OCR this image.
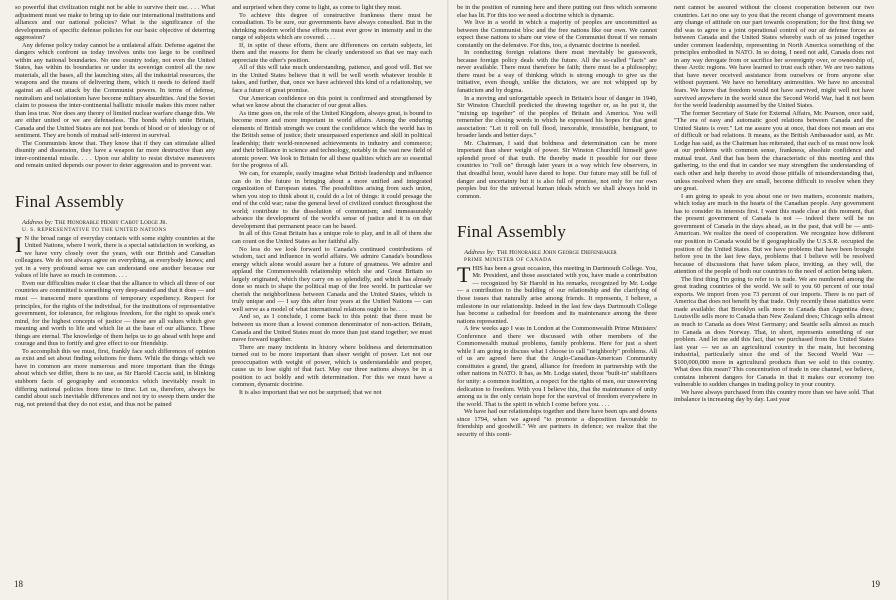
so powerful that civilization might not be able to survive their use. . . . What adjustment must we make to bring up to date our international institutions and alliances and our national policies? What is the significance of the developments of specific defense policies for our basic objective of deterring aggression?

Any defense policy today cannot be a unilateral affair. Defense against the dangers which confront us today involves units too large to be confined within any national boundaries. No one country today, not even the United States, has within its boundaries or under its sovereign control all the raw materials, all the bases, all the launching sites, all the industrial resources, the weapons and the means of delivering them, which it needs to defend itself against an all-out attack by the Communist powers. In terms of defense, neutralism and isolationism have become military absurdities. And the Soviet claim to possess the inter-continental ballistic missile makes this more rather than less true. Nor does any theory of limited nuclear warfare change this. We are either united or we are defenseless. The bonds which unite Britain, Canada and the United States are not just bonds of blood or of ideology or of sentiment. They are bonds of mutual self-interest in survival.

The Communists know that. They know that if they can stimulate allied disunity and dissension, they have a weapon far more destructive than any inter-continental missile. . . . Upon our ability to resist divisive maneuvers and remain united depends our power to deter aggression and to prevent war.

Final Assembly

Address by: The Honorable Henry Cabot Lodge Jr.

U. S. REPRESENTATIVE TO THE UNITED NATIONS

I N the broad range of everyday contacts with some eighty countries at the United Nations, where I work, there is a special satisfaction in working, as we have very closely over the years, with our British and Canadian colleagues. We do not always agree on everything, as everybody knows; and yet in a very profound sense we can understand one another because our values of life have so much in common. . . .

Even our difficulties make it clear that the alliance to which all three of our countries are committed is something very deep-seated and that it does — and must — transcend mere questions of temporary expediency. Respect for principles, for the rights of the individual, for the institutions of representative government, for tolerance, for religious freedom, for the right to speak one's mind, for the highest concepts of justice — these are all values which give meaning and worth to life and which lie at the base of our alliance. These things are eternal. The knowledge of them helps us to go ahead with hope and courage and thus to fortify and give effect to our friendship.

To accomplish this we must, first, frankly face such differences of opinion as exist and set about finding solutions for them. While the things which we have in common are more numerous and more important than the things about which we differ, there is no use, as Sir Harold Caccia said, in blinking stubborn facts of geography and economics which inevitably result in differing national policies from time to time. Let us, therefore, always be candid about such inevitable differences and not try to sweep them under the rug, not pretend that they do not exist, and thus not be pained

and surprised when they come to light, as come to light they must.

To achieve this degree of constructive frankness there must be consultation. To be sure, our governments have always consulted. But in the shrinking modern world these efforts must ever grow in intensity and in the range of subjects which are covered. . . .

If, in spite of these efforts, there are differences on certain subjects, let them and the reasons for them be clearly understood so that we may each appreciate the other's position.

All of this will take much understanding, patience, and good will. But we in the United States believe that it will be well worth whatever trouble it takes, and further, that, once we have achieved this kind of a relationship, we face a future of great promise.

Our American confidence on this point is confirmed and strengthened by what we know about the character of our great allies.

As time goes on, the role of the United Kingdom, always great, is bound to become more and more important in world affairs. Among the enduring elements of British strength we count the confidence which the world has in the British sense of justice; their unsurpassed experience and skill in political leadership; their world-renowned achievements in industry and commerce; and their brilliance in science and technology, notably in the vast new field of atomic power. We look to Britain for all these qualities which are so essential for the progress of all.

We can, for example, easily imagine what British leadership and influence can do in the future in bringing about a more unified and integrated organization of European states. The possibilities arising from such union, when you stop to think about it, could do a lot of things: it could presage the end of the cold war; raise the general level of civilized conduct throughout the world; contribute to the dissolution of communism; and immeasurably advance the development of the world's sense of justice and it is on that development that permanent peace can be based.

In all of this Great Britain has a unique role to play, and in all of them she can count on the United States as her faithful ally.

No less do we look forward to Canada's continued contributions of wisdom, tact and influence in world affairs. We admire Canada's boundless energy which alone would assure her a future of greatness. We admire and applaud the Commonwealth relationship which she and Great Britain so largely originated, which they carry on so splendidly, and which has already done so much to shape the political map of the free world. In particular we cherish the neighborliness between Canada and the United States, which is truly unique and — I say this after four years at the United Nations — can well serve as a model of what international relations ought to be. . . .

And so, as I conclude, I come back to this point: that there must be between us more than a lowest common denominator of non-action. Britain, Canada and the United States must do more than just stand together; we must move forward together.

There are many incidents in history where boldness and determination turned out to be more important than sheer weight of power. Let not our preoccupation with weight of power, which is understandable and proper, cause us to lose sight of that fact. May our three nations always be in a position to act boldly and with determination. For this we must have a common, dynamic doctrine.

It is also important that we not be surprised; that we not

be in the position of running here and there putting out fires which someone else has lit. For this too we need a doctrine which is dynamic.

We live in a world in which a majority of peoples are uncommitted as between the Communist bloc and the free nations like our own. We cannot expect these nations to share our view of the Communist threat if we remain constantly on the defensive. For this, too, a dynamic doctrine is needed.

In conducting foreign relations there must inevitably be guesswork, because foreign policy deals with the future. All the so-called "facts" are never available. There must therefore be faith; there must be a philosophy; there must be a way of thinking which is strong enough to give us the initiative, even though, unlike the dictators, we are not whipped up by fanaticism and by dogma.

In a moving and unforgettable speech in Britain's hour of danger in 1940, Sir Winston Churchill predicted the drawing together or, as he put it, the "mixing up together" of the peoples of Britain and America. You will remember the closing words in which he expressed his hopes for that great association: "Let it roll on full flood, inexorable, irresistible, benignant, to broader lands and better days."

Mr. Chairman, I said that boldness and determination can be more important than sheer weight of power. Sir Winston Churchill himself gave splendid proof of that truth. He thereby made it possible for our three countries to "roll on" through later years in a way which few observers, in that dreadful hour, would have dared to hope. Our future may still be full of danger and uncertainty but it is also full of promise, not only for our own peoples but for the universal human ideals which we shall always hold in common.

Final Assembly

Address by: The Honorable John George Diefenbaker

PRIME MINISTER OF CANADA

THIS has been a great occasion, this meeting in Dartmouth College. You, Mr. President, and those associated with you, have made a contribution — recognized by Sir Harold in his remarks, recognized by Mr. Lodge — a contribution to the building of our relationship and the clarifying of those issues that naturally arise among friends. It represents, I believe, a milestone in our relationship. Indeed in the last few days Dartmouth College has become a cathedral for freedom and its maintenance among the three nations represented.

A few weeks ago I was in London at the Commonwealth Prime Ministers' Conference and there we discussed with other members of the Commonwealth mutual problems, family problems. Here for just a short while I am going to discuss what I choose to call "neighborly" problems. All of us are agreed here that the Anglo-Canadian-American Community constitutes a grand, the grand, alliance for freedom in partnership with the other nations in NATO. It has, as Mr. Lodge stated, those "built-in" stabilizers for unity: a common tradition, a respect for the rights of men, our unswerving dedication to freedom. With you I believe this, that the maintenance of unity among us is the only certain hope for the survival of freedom everywhere in the world. That is the spirit in which I come before you. . . .

We have had our relationships together and there have been ups and downs since 1794, when we agreed "to promote a disposition favourable to friendship and goodwill." We are partners in defence; we realize that the security of this conti-

nent cannot be assured without the closest cooperation between our two countries. Let no one say to you that the recent change of government means any change of attitude on our part towards cooperation; for the first thing we did was to agree to a joint operational control of our air defense forces as between Canada and the United States whereby each of us joined together under common leadership, representing in North America something of the principles embodied in NATO. In so doing, I need not add, Canada does not in any way derogate from or sacrifice her sovereignty over, or ownership of, these Arctic regions. We have learned to trust each other. We are two nations that have never received assistance from ourselves or from anyone else without payment. We have no hereditary animosities. We have no ancestral fears. We know that freedom would not have survived, might well not have survived anywhere in the world since the Second World War, had it not been for the world leadership assumed by the United States.

The former Secretary of State for External Affairs, Mr. Pearson, once said, "The era of easy and automatic good relations between Canada and the United States is over." Let me assure you at once, that does not mean an era of difficult or bad relations. It means, as the British Ambassador said, as Mr. Lodge has said, as the Chairman has reiterated, that each of us must now look at our problems with common sense, frankness, absolute confidence and mutual trust. And that has been the characteristic of this meeting and this gathering, to the end that in candor we may strengthen the understanding of each other and help thereby to avoid those pitfalls of misunderstanding that, unless resolved when they are small, become difficult to resolve when they are great.

I am going to speak to you about one or two matters, economic matters, which today are much in the hearts of the Canadian people. Any government has to consider its interests first. I want this made clear at this moment, that the present government of Canada is not — indeed there will be no government of Canada in the days ahead, as in the past, that will be — anti-American. We realize the need of cooperation. We recognize how different our position in Canada would be if geographically the U.S.S.R. occupied the position of the United States. But we have problems that have been brought before you in the last few days, problems that I believe will be resolved because of discussions that have taken place, inviting, as they will, the attention of the people of both our countries to the need of action being taken.

The first thing I'm going to refer to is trade. We are numbered among the great trading countries of the world. We sell to you 60 percent of our total exports. We import from you 73 percent of our imports. There is no part of America that does not benefit by that trade. Only recently these statistics were made available: that Brooklyn sells more to Canada than Argentina does; Louisville sells more to Canada than New Zealand does; Chicago sells almost as much to Canada as does West Germany; and Seattle sells almost as much to Canada as does Norway. That, in short, represents something of our problem. And let me add this fact, that we purchased from the United States last year — we as an agricultural country in the main, but becoming industrial, particularly since the end of the Second World War — $100,000,000 more in agricultural products than we sold to this country. What does this mean? This concentration of trade in one channel, we believe, contains inherent dangers for Canada in that it makes our economy too vulnerable to sudden changes in trading policy in your country.

We have always purchased from this country more than we have sold. That imbalance is increasing day by day. Last year

18	19
